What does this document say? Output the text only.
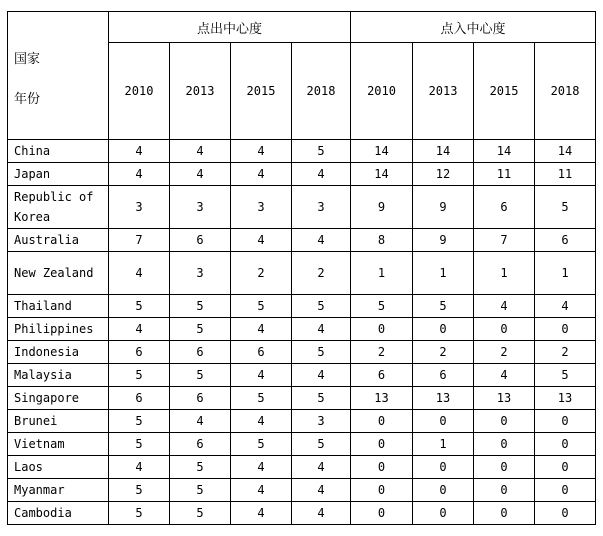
国家
年份	点出中心度				点入中心度			
	2010	2013	2015	2018	2010	2013	2015	2018
China	4	4	4	5	14	14	14	14
Japan	4	4	4	4	14	12	11	11
Republic of Korea	3	3	3	3	9	9	6	5
Australia	7	6	4	4	8	9	7	6
New Zealand	4	3	2	2	1	1	1	1
Thailand	5	5	5	5	5	5	4	4
Philippines	4	5	4	4	0	0	0	0
Indonesia	6	6	6	5	2	2	2	2
Malaysia	5	5	4	4	6	6	4	5
Singapore	6	6	5	5	13	13	13	13
Brunei	5	4	4	3	0	0	0	0
Vietnam	5	6	5	5	0	1	0	0
Laos	4	5	4	4	0	0	0	0
Myanmar	5	5	4	4	0	0	0	0
Cambodia	5	5	4	4	0	0	0	0
